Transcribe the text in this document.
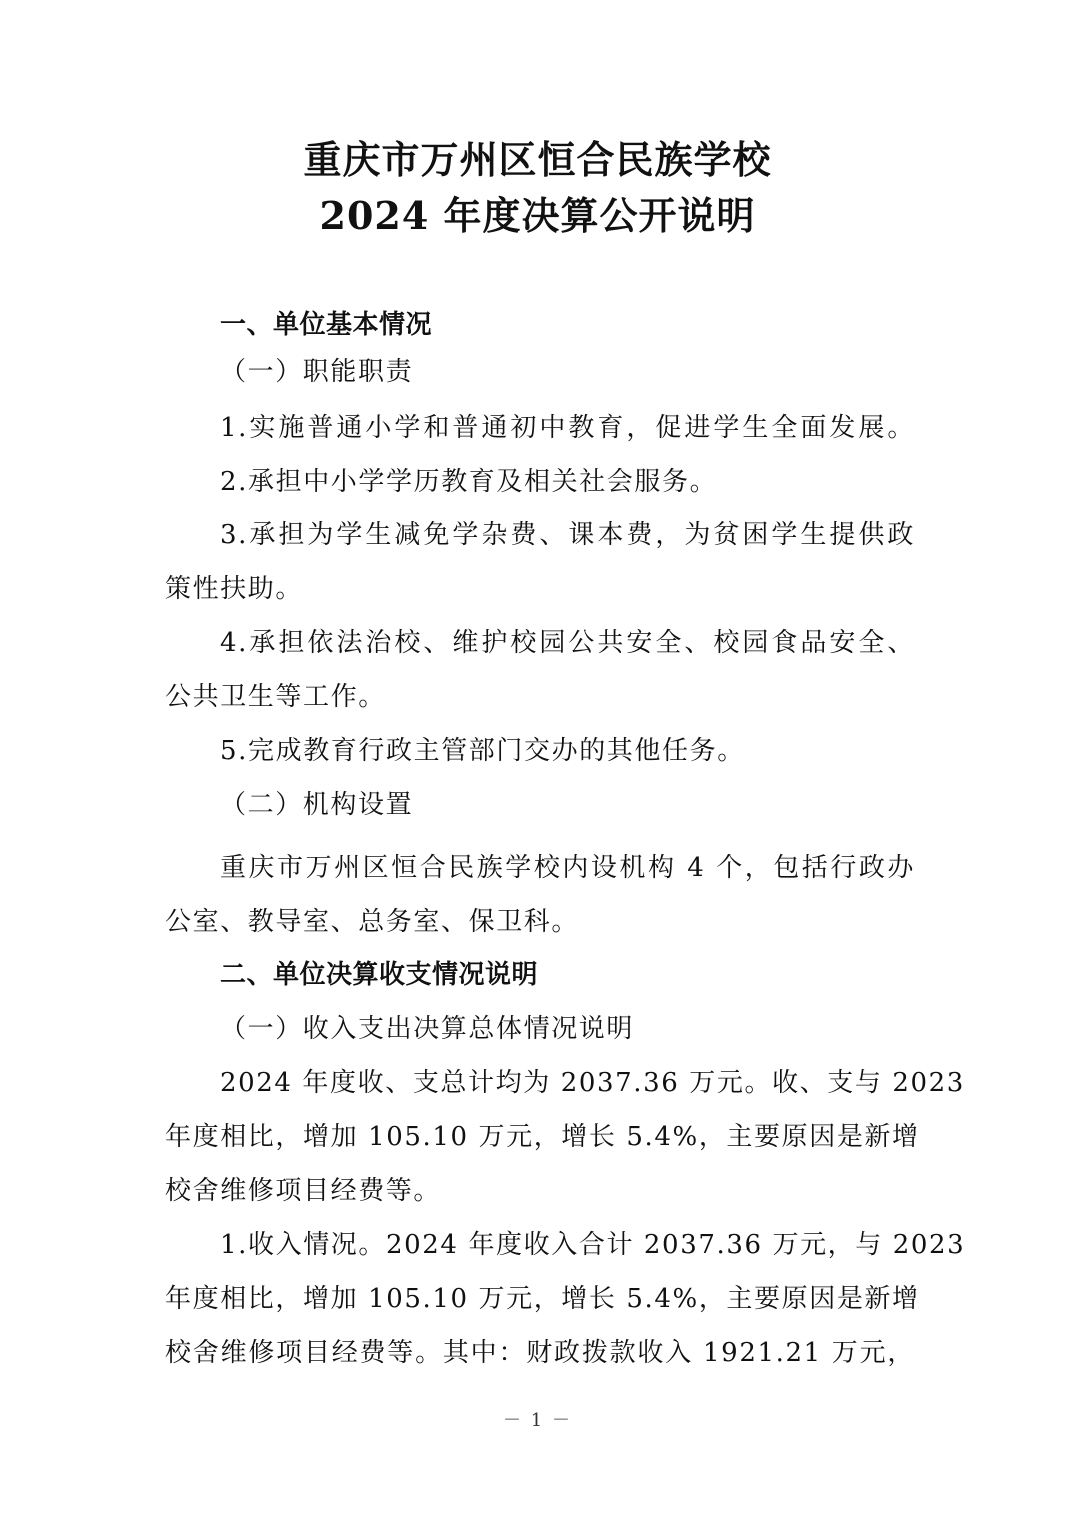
重庆市万州区恒合民族学校
2024 年度决算公开说明
一、单位基本情况
（一）职能职责
1.实施普通小学和普通初中教育，促进学生全面发展。
2.承担中小学学历教育及相关社会服务。
3.承担为学生减免学杂费、课本费，为贫困学生提供政
策性扶助。
4.承担依法治校、维护校园公共安全、校园食品安全、
公共卫生等工作。
5.完成教育行政主管部门交办的其他任务。
（二）机构设置
重庆市万州区恒合民族学校内设机构 4 个，包括行政办
公室、教导室、总务室、保卫科。
二、单位决算收支情况说明
（一）收入支出决算总体情况说明
2024 年度收、支总计均为 2037.36 万元。收、支与 2023
年度相比，增加 105.10 万元，增长 5.4%，主要原因是新增
校舍维修项目经费等。
1.收入情况。2024 年度收入合计 2037.36 万元，与 2023
年度相比，增加 105.10 万元，增长 5.4%，主要原因是新增
校舍维修项目经费等。其中：财政拨款收入 1921.21 万元，
－ 1 －
